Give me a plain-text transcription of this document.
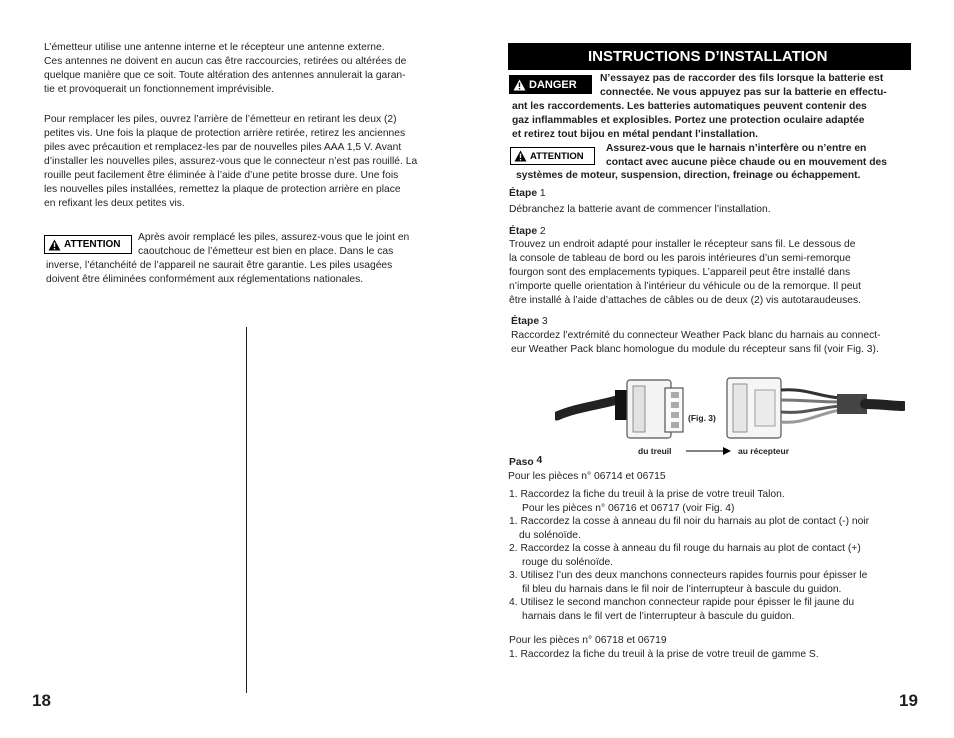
L’émetteur utilise une antenne interne et le récepteur une antenne externe.
Ces antennes ne doivent en aucun cas être raccourcies, retirées ou altérées de
quelque manière que ce soit. Toute altération des antennes annulerait la garan-
tie et provoquerait un fonctionnement imprévisible.
Pour remplacer les piles, ouvrez l’arrière de l’émetteur en retirant les deux (2)
petites vis. Une fois la plaque de protection arrière retirée, retirez les anciennes
piles avec précaution et remplacez-les par de nouvelles piles AAA 1,5 V. Avant
d’installer les nouvelles piles, assurez-vous que le connecteur n’est pas rouillé. La
rouille peut facilement être éliminée à l’aide d’une petite brosse dure. Une fois
les nouvelles piles installées, remettez la plaque de protection arrière en place
en refixant les deux petites vis.
ATTENTION
Après avoir remplacé les piles, assurez-vous que le joint en
caoutchouc de l’émetteur est bien en place. Dans le cas
inverse, l’étanchéité de l’appareil ne saurait être garantie. Les piles usagées
doivent être éliminées conformément aux réglementations nationales.
18
INSTRUCTIONS D’INSTALLATION
DANGER N’essayez pas de raccorder des fils lorsque la batterie est
connectée. Ne vous appuyez pas sur la batterie en effectu-
ant les raccordements. Les batteries automatiques peuvent contenir des
gaz inflammables et explosibles. Portez une protection oculaire adaptée
et retirez tout bijou en métal pendant l’installation.
ATTENTION
Assurez-vous que le harnais n’interfère ou n’entre en
contact avec aucune pièce chaude ou en mouvement des
systèmes de moteur, suspension, direction, freinage ou échappement.
Étape 1
Débranchez la batterie avant de commencer l’installation.
Étape 2
Trouvez un endroit adapté pour installer le récepteur sans fil. Le dessous de
la console de tableau de bord ou les parois intérieures d’un semi-remorque
fourgon sont des emplacements typiques. L’appareil peut être installé dans
n’importe quelle orientation à l’intérieur du véhicule ou de la remorque. Il peut
être installé à l’aide d’attaches de câbles ou de deux (2) vis autotaraudeuses.
Étape 3
Raccordez l’extrémité du connecteur Weather Pack blanc du harnais au connect-
eur Weather Pack blanc homologue du module du récepteur sans fil (voir Fig. 3).
(Fig. 3)
du treuil	au récepteur
Paso 4
Pour les pièces n° 06714 et 06715
1. Raccordez la fiche du treuil à la prise de votre treuil Talon.
Pour les pièces n° 06716 et 06717 (voir Fig. 4)
1. Raccordez la cosse à anneau du fil noir du harnais au plot de contact (-) noir
du solénoïde.
2. Raccordez la cosse à anneau du fil rouge du harnais au plot de contact (+)
rouge du solénoïde.
3. Utilisez l’un des deux manchons connecteurs rapides fournis pour épisser le
fil bleu du harnais dans le fil noir de l’interrupteur à bascule du guidon.
4. Utilisez le second manchon connecteur rapide pour épisser le fil jaune du
harnais dans le fil vert de l’interrupteur à bascule du guidon.
Pour les pièces n° 06718 et 06719
1. Raccordez la fiche du treuil à la prise de votre treuil de gamme S.
19
